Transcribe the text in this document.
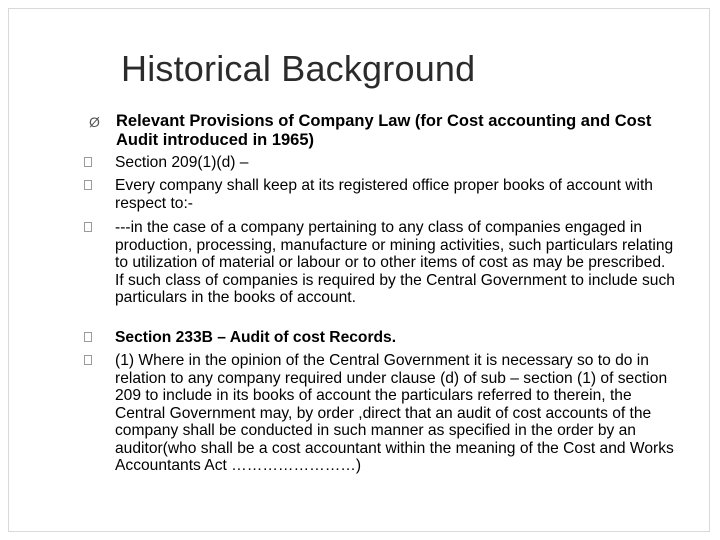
Historical Background
Ø Relevant Provisions of Company Law (for Cost accounting and Cost Audit introduced in 1965)
Section 209(1)(d) –
Every company shall keep at its registered office proper books of account with respect to:-
---in the case of a company pertaining to any class of companies engaged in production, processing, manufacture or mining activities, such particulars relating to utilization of material or labour or to other items of cost as may be prescribed. If such class of companies is required by the Central Government to include such particulars in the books of account.
Section 233B – Audit of cost Records.
(1) Where in the opinion of the Central Government it is necessary so to do in relation to any company required under clause (d) of sub – section (1) of section 209 to include in its books of account the particulars referred to therein, the Central Government may, by order ,direct that an audit of cost accounts of the company shall be conducted in such manner as specified in the order by an auditor(who shall be a cost accountant within the meaning of the Cost and Works Accountants Act ……………………)
